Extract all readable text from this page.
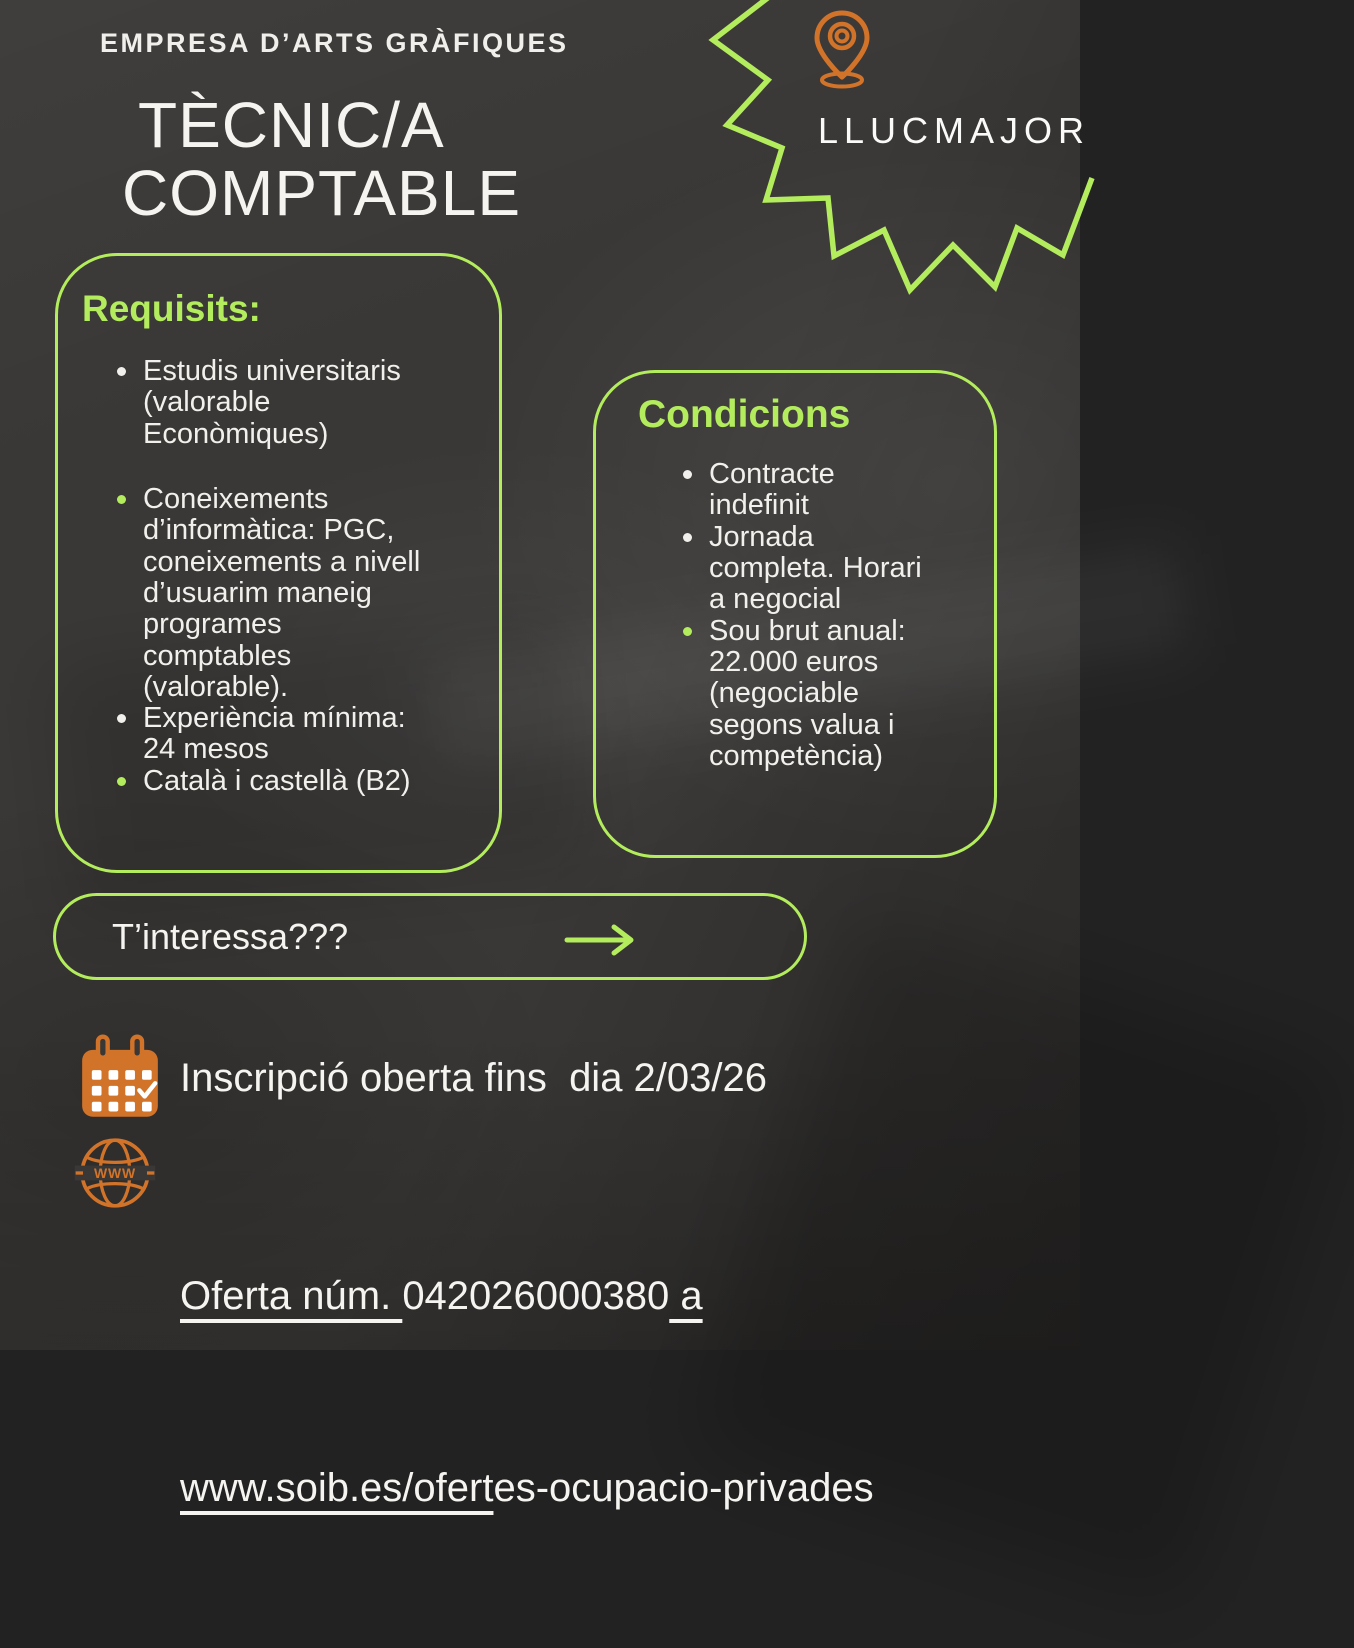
EMPRESA D’ARTS GRÀFIQUES
TÈCNIC/A
COMPTABLE
LLUCMAJOR
Requisits:
Estudis universitaris (valorable Econòmiques)
Coneixements d’informàtica: PGC, coneixements a nivell d’usuarim maneig programes comptables (valorable).
Experiència mínima: 24 mesos
Català i castellà (B2)
Condicions
Contracte indefinit
Jornada completa. Horari a negocial
Sou brut anual: 22.000 euros (negociable segons valua i competència)
T’interessa???
Inscripció oberta fins  dia 2/03/26
WWW

Oferta núm. 042026000380 a

www.soib.es/ofertes-ocupacio-privades
